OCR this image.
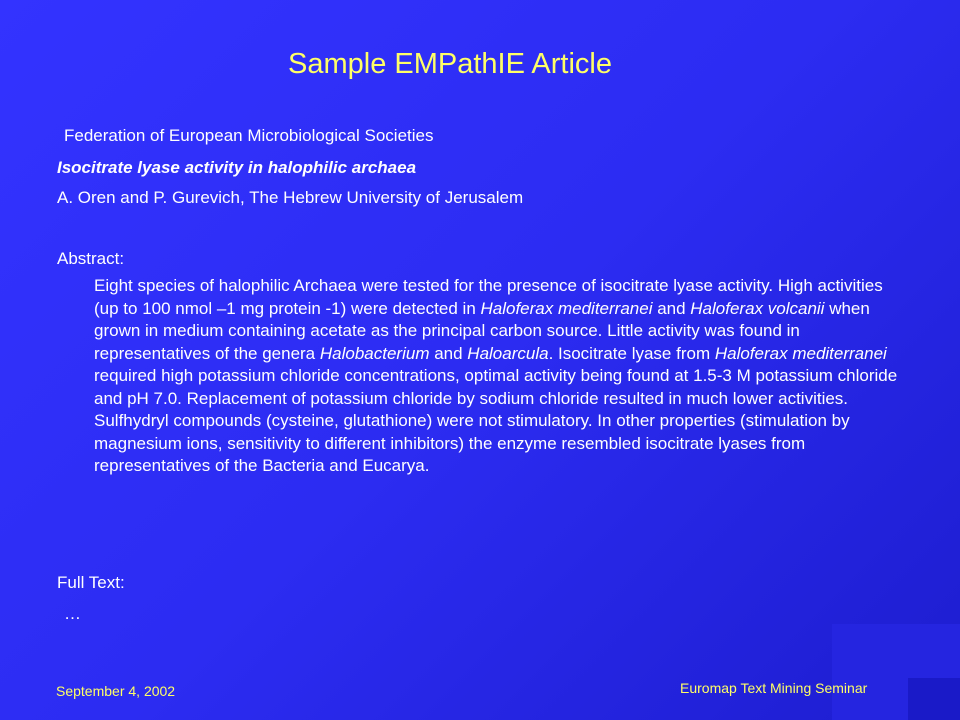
Sample EMPathIE Article
Federation of European Microbiological Societies
Isocitrate lyase activity in halophilic archaea
A. Oren and P. Gurevich, The Hebrew University of Jerusalem
Abstract:

Eight species of halophilic Archaea were tested for the presence of isocitrate lyase activity. High activities (up to 100 nmol –1 mg protein -1) were detected in Haloferax mediterranei and Haloferax volcanii when grown in medium containing acetate as the principal carbon source. Little activity was found in representatives of the genera Halobacterium and Haloarcula. Isocitrate lyase from Haloferax mediterranei required high potassium chloride concentrations, optimal activity being found at 1.5-3 M potassium chloride and pH 7.0. Replacement of potassium chloride by sodium chloride resulted in much lower activities. Sulfhydryl compounds (cysteine, glutathione) were not stimulatory. In other properties (stimulation by magnesium ions, sensitivity to different inhibitors) the enzyme resembled isocitrate lyases from representatives of the Bacteria and Eucarya.

Full Text:
…
September 4, 2002	Euromap Text Mining Seminar
